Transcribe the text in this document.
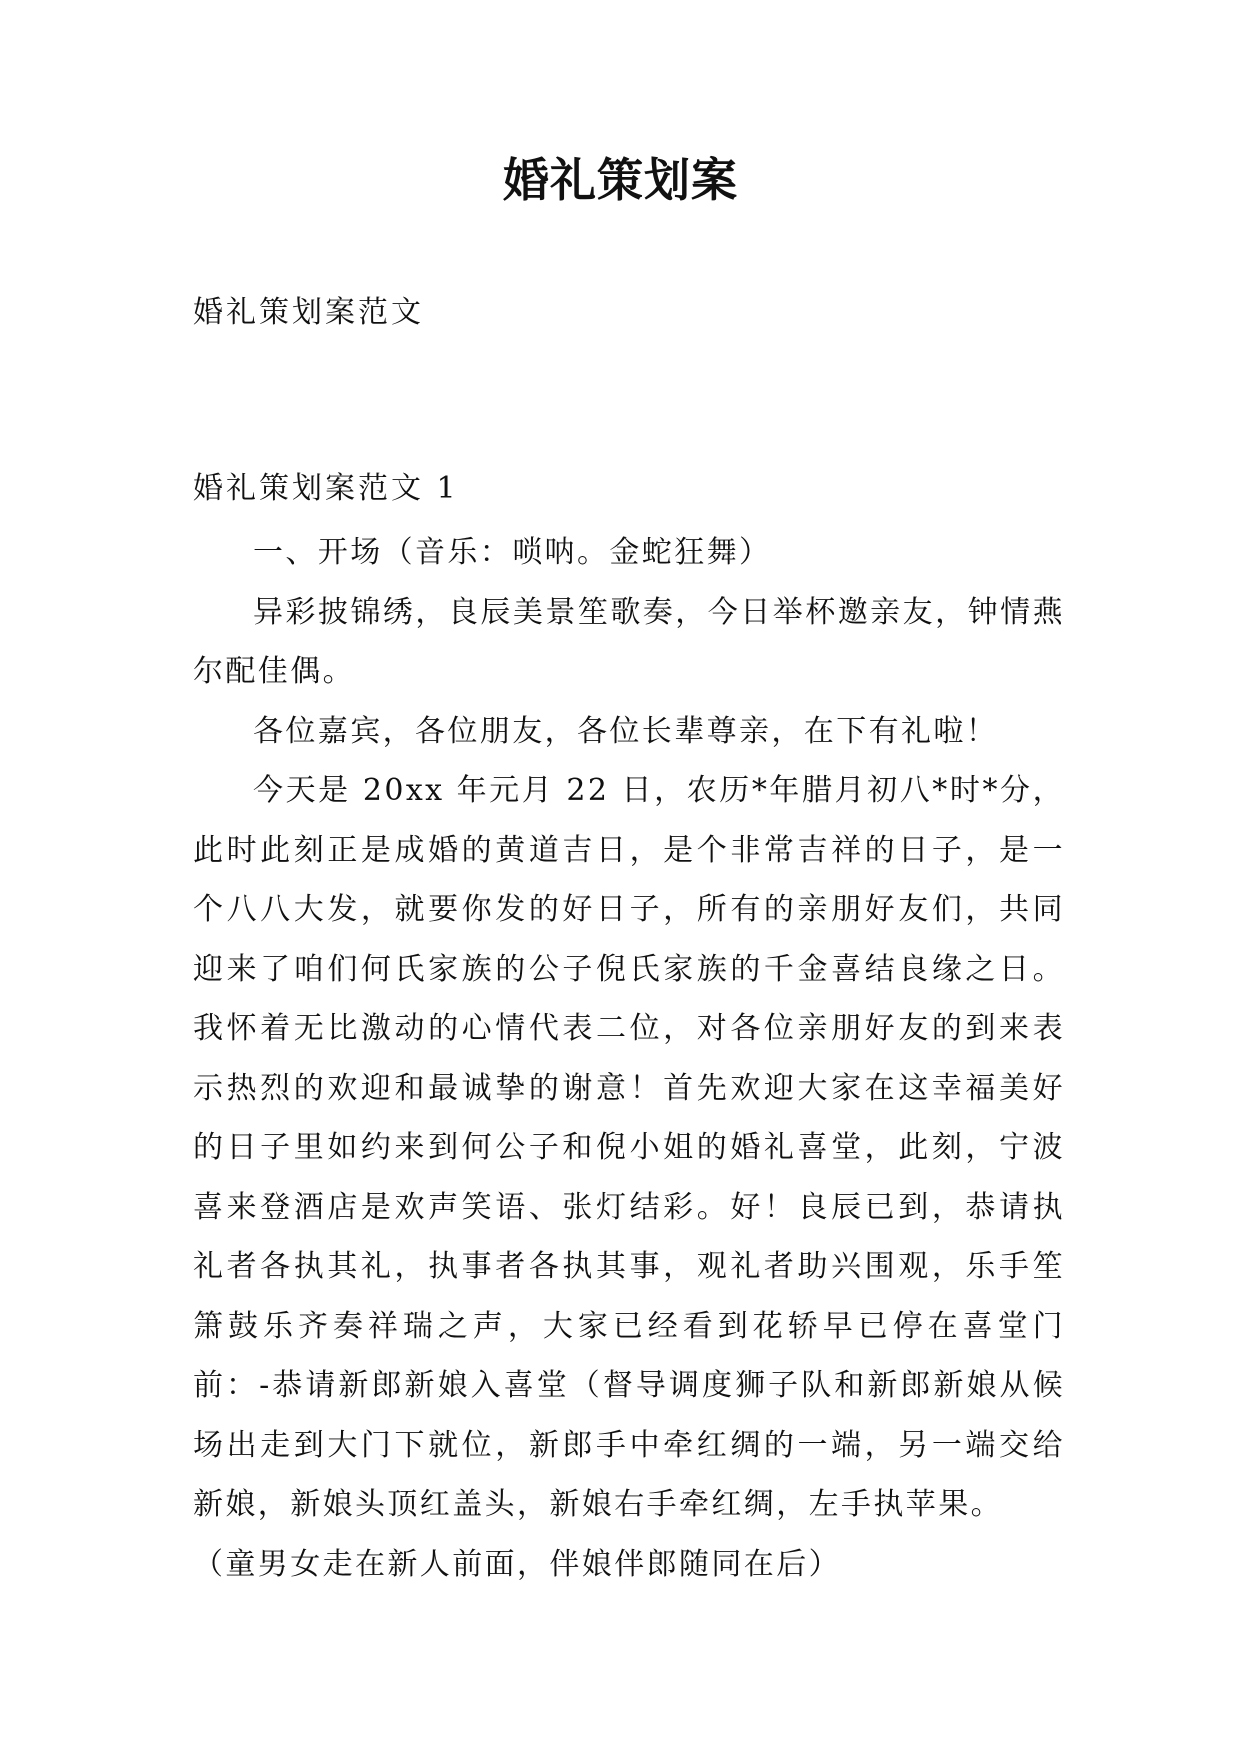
婚礼策划案
婚礼策划案范文
婚礼策划案范文 1

一、开场（音乐：唢呐。金蛇狂舞）

异彩披锦绣，良辰美景笙歌奏，今日举杯邀亲友，钟情燕尔配佳偶。

各位嘉宾，各位朋友，各位长辈尊亲，在下有礼啦！

今天是 20xx 年元月 22 日，农历*年腊月初八*时*分，此时此刻正是成婚的黄道吉日，是个非常吉祥的日子，是一个八八大发，就要你发的好日子，所有的亲朋好友们，共同迎来了咱们何氏家族的公子倪氏家族的千金喜结良缘之日。我怀着无比激动的心情代表二位，对各位亲朋好友的到来表示热烈的欢迎和最诚挚的谢意！首先欢迎大家在这幸福美好的日子里如约来到何公子和倪小姐的婚礼喜堂，此刻，宁波喜来登酒店是欢声笑语、张灯结彩。好！良辰已到，恭请执礼者各执其礼，执事者各执其事，观礼者助兴围观，乐手笙箫鼓乐齐奏祥瑞之声，大家已经看到花轿早已停在喜堂门前：-恭请新郎新娘入喜堂（督导调度狮子队和新郎新娘从候场出走到大门下就位，新郎手中牵红绸的一端，另一端交给新娘，新娘头顶红盖头，新娘右手牵红绸，左手执苹果。

（童男女走在新人前面，伴娘伴郎随同在后）
